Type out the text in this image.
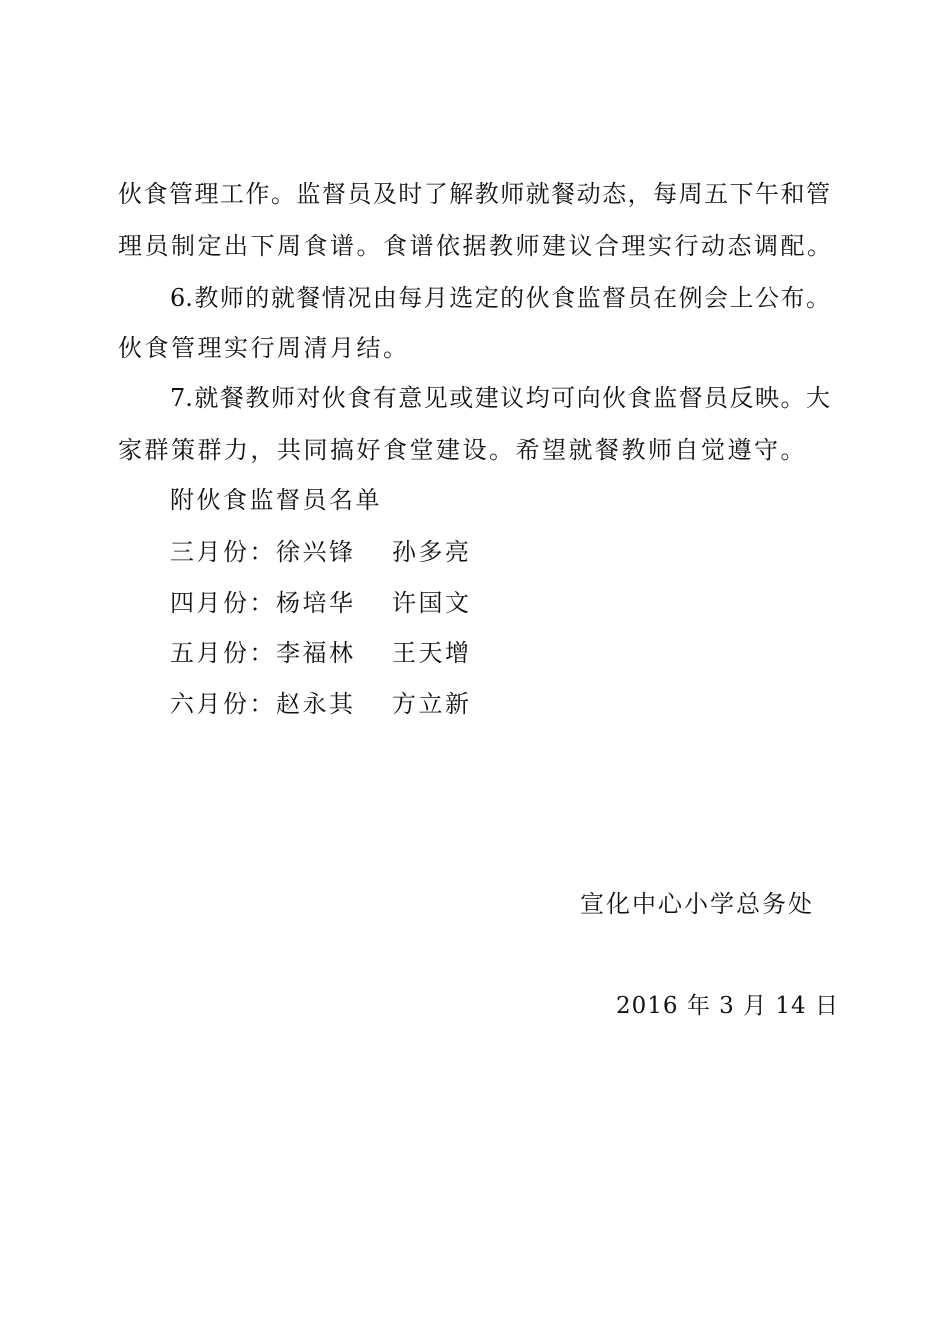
伙食管理工作。监督员及时了解教师就餐动态，每周五下午和管
理员制定出下周食谱。食谱依据教师建议合理实行动态调配。
6.教师的就餐情况由每月选定的伙食监督员在例会上公布。
伙食管理实行周清月结。
7.就餐教师对伙食有意见或建议均可向伙食监督员反映。大
家群策群力，共同搞好食堂建设。希望就餐教师自觉遵守。
附伙食监督员名单
三月份：徐兴锋 孙多亮
四月份：杨培华 许国文
五月份：李福林 王天增
六月份：赵永其 方立新
宣化中心小学总务处
2016 年 3 月 14 日
